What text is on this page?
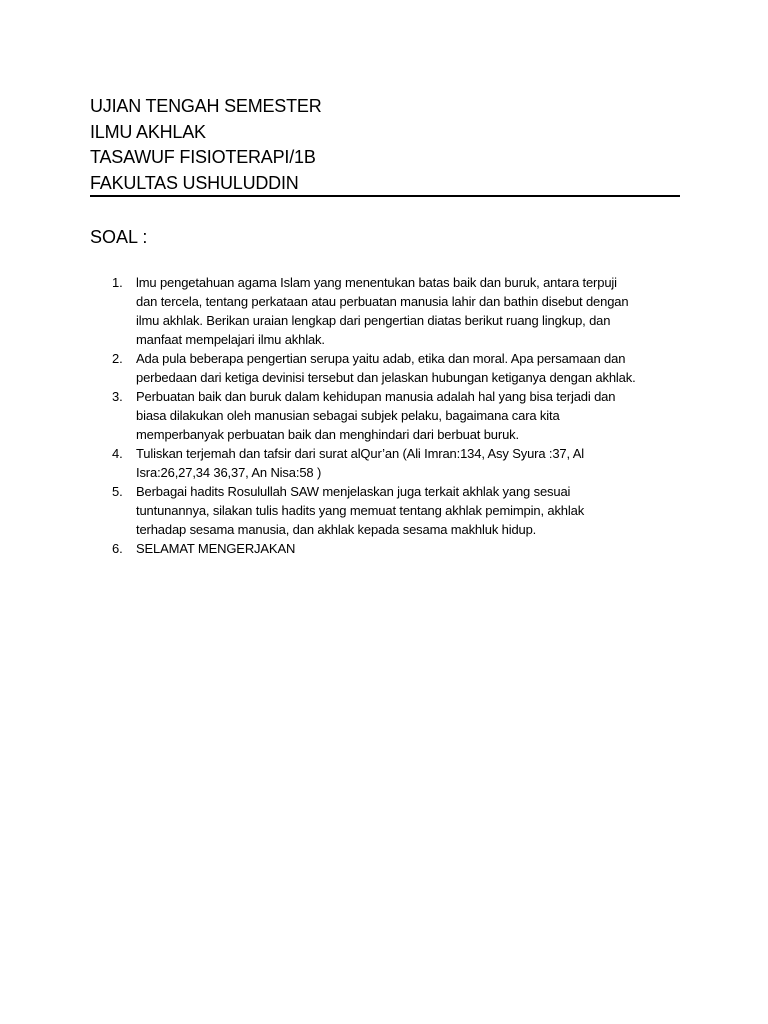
UJIAN TENGAH SEMESTER
ILMU AKHLAK
TASAWUF FISIOTERAPI/1B
FAKULTAS USHULUDDIN
SOAL :
1.	lmu pengetahuan agama Islam yang menentukan batas baik dan buruk, antara terpuji
dan tercela, tentang perkataan atau perbuatan manusia lahir dan bathin disebut dengan
ilmu akhlak. Berikan uraian lengkap dari pengertian diatas berikut ruang lingkup, dan
manfaat mempelajari ilmu akhlak.
2.	Ada pula beberapa pengertian serupa yaitu adab, etika dan moral. Apa persamaan dan
perbedaan dari ketiga devinisi tersebut dan jelaskan hubungan ketiganya dengan akhlak.
3.	Perbuatan baik dan buruk dalam kehidupan manusia adalah hal yang bisa terjadi dan
biasa dilakukan oleh manusian sebagai subjek pelaku, bagaimana cara kita
memperbanyak perbuatan baik dan menghindari dari berbuat buruk.
4.	Tuliskan terjemah dan tafsir dari surat alQur’an (Ali Imran:134, Asy Syura :37, Al
Isra:26,27,34 36,37, An Nisa:58 )
5.	Berbagai hadits Rosulullah SAW menjelaskan juga terkait akhlak yang sesuai
tuntunannya, silakan tulis hadits yang memuat tentang akhlak pemimpin, akhlak
terhadap sesama manusia, dan akhlak kepada sesama makhluk hidup.
6.	SELAMAT MENGERJAKAN
